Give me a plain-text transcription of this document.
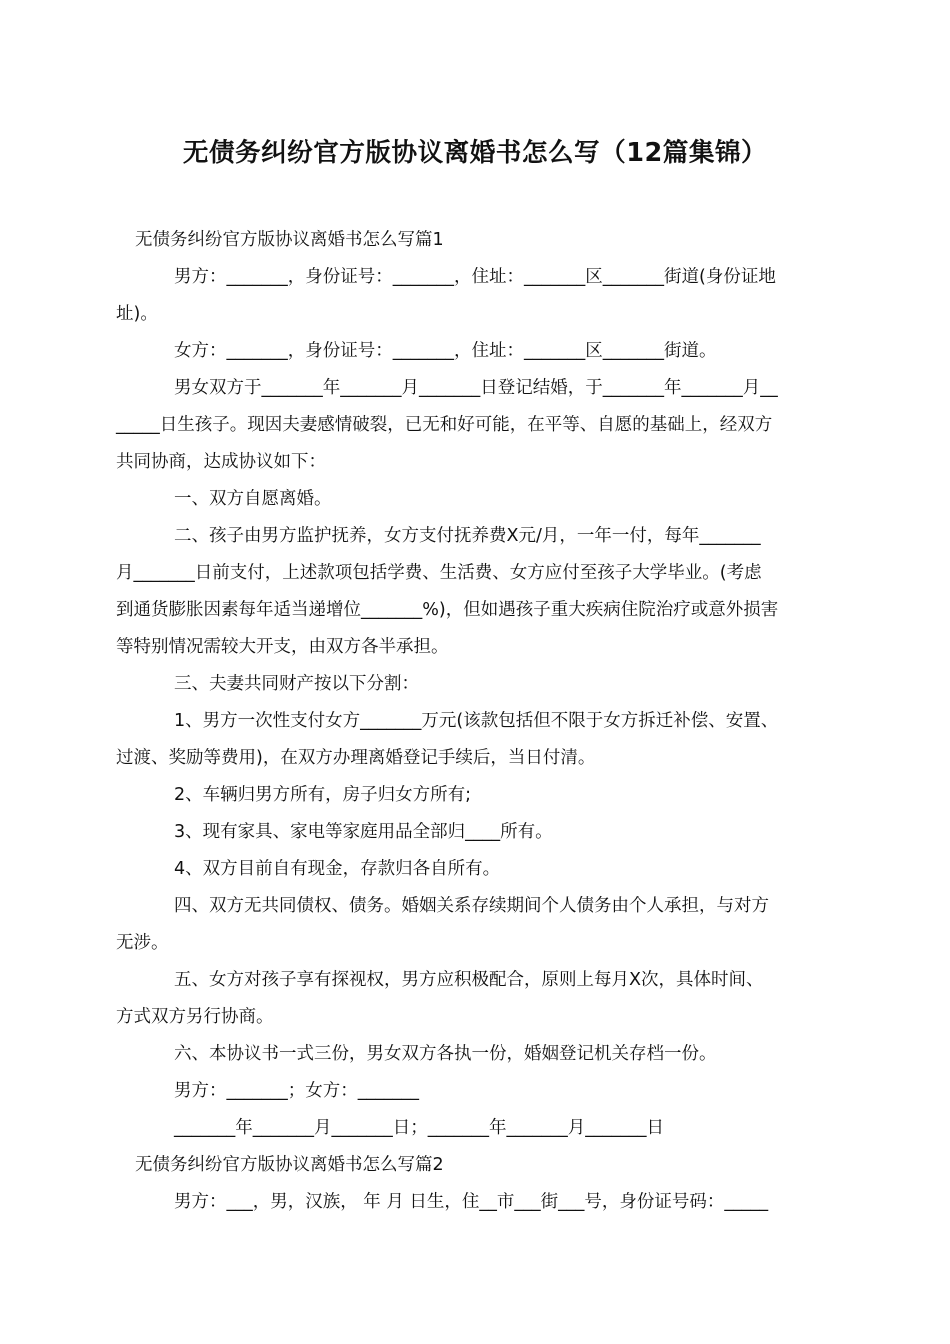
无债务纠纷官方版协议离婚书怎么写（12篇集锦）

无债务纠纷官方版协议离婚书怎么写篇1

男方：_______，身份证号：_______，住址：_______区_______街道(身份证地

址)。

女方：_______，身份证号：_______，住址：_______区_______街道。

男女双方于_______年_______月_______日登记结婚，于_______年_______月__

_____日生孩子。现因夫妻感情破裂，已无和好可能，在平等、自愿的基础上，经双方

共同协商，达成协议如下：

一、双方自愿离婚。

二、孩子由男方监护抚养，女方支付抚养费X元/月，一年一付，每年_______

月_______日前支付，上述款项包括学费、生活费、女方应付至孩子大学毕业。(考虑

到通货膨胀因素每年适当递增位_______%)，但如遇孩子重大疾病住院治疗或意外损害

等特别情况需较大开支，由双方各半承担。

三、夫妻共同财产按以下分割：

1、男方一次性支付女方_______万元(该款包括但不限于女方拆迁补偿、安置、

过渡、奖励等费用)，在双方办理离婚登记手续后，当日付清。

2、车辆归男方所有，房子归女方所有;

3、现有家具、家电等家庭用品全部归____所有。

4、双方目前自有现金，存款归各自所有。

四、双方无共同债权、债务。婚姻关系存续期间个人债务由个人承担，与对方

无涉。

五、女方对孩子享有探视权，男方应积极配合，原则上每月X次，具体时间、

方式双方另行协商。

六、本协议书一式三份，男女双方各执一份，婚姻登记机关存档一份。

男方：_______；女方：_______

_______年_______月_______日；_______年_______月_______日

无债务纠纷官方版协议离婚书怎么写篇2

男方：___，男，汉族， 年 月 日生，住__市___街___号，身份证号码：_____
